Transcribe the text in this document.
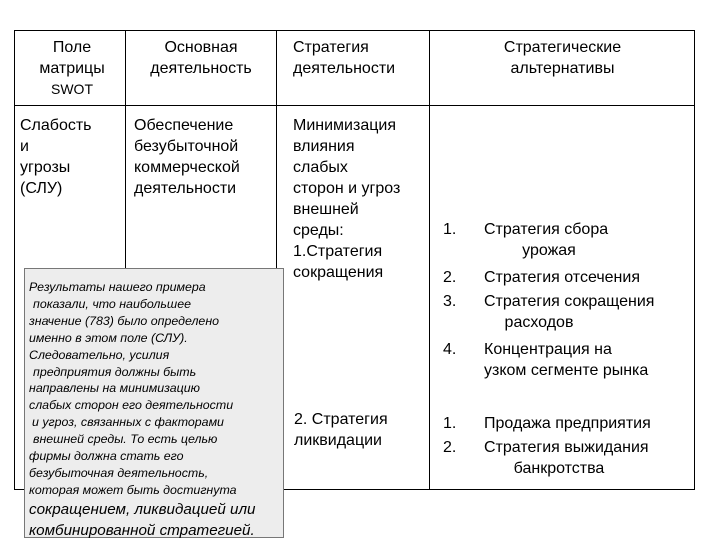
Поле
матрицы
SWOT
Основная
деятельность
Стратегия
деятельности
Стратегические
альтернативы
Слабость
и
угрозы
(СЛУ)
Обеспечение
безубыточной
коммерческой
деятельности
Минимизация
влияния
слабых
сторон и угроз
внешней
среды:
1.Стратегия
сокращения
2. Стратегия
ликвидации
1.
2.
3.
4.
Стратегия сбора
урожая
Стратегия отсечения
Стратегия сокращения
расходов
Концентрация на
узком сегменте рынка
1.
2.
Продажа предприятия
Стратегия выжидания
банкротства
Результаты нашего примера
показали, что наибольшее
значение (783) было определено
именно в этом поле (СЛУ).
Следовательно, усилия
предприятия должны быть
направлены на минимизацию
слабых сторон его деятельности
и угроз, связанных с факторами
внешней среды. То есть целью
фирмы должна стать его
безубыточная деятельность,
которая может быть достигнута
сокращением, ликвидацией или
комбинированной стратегией.
